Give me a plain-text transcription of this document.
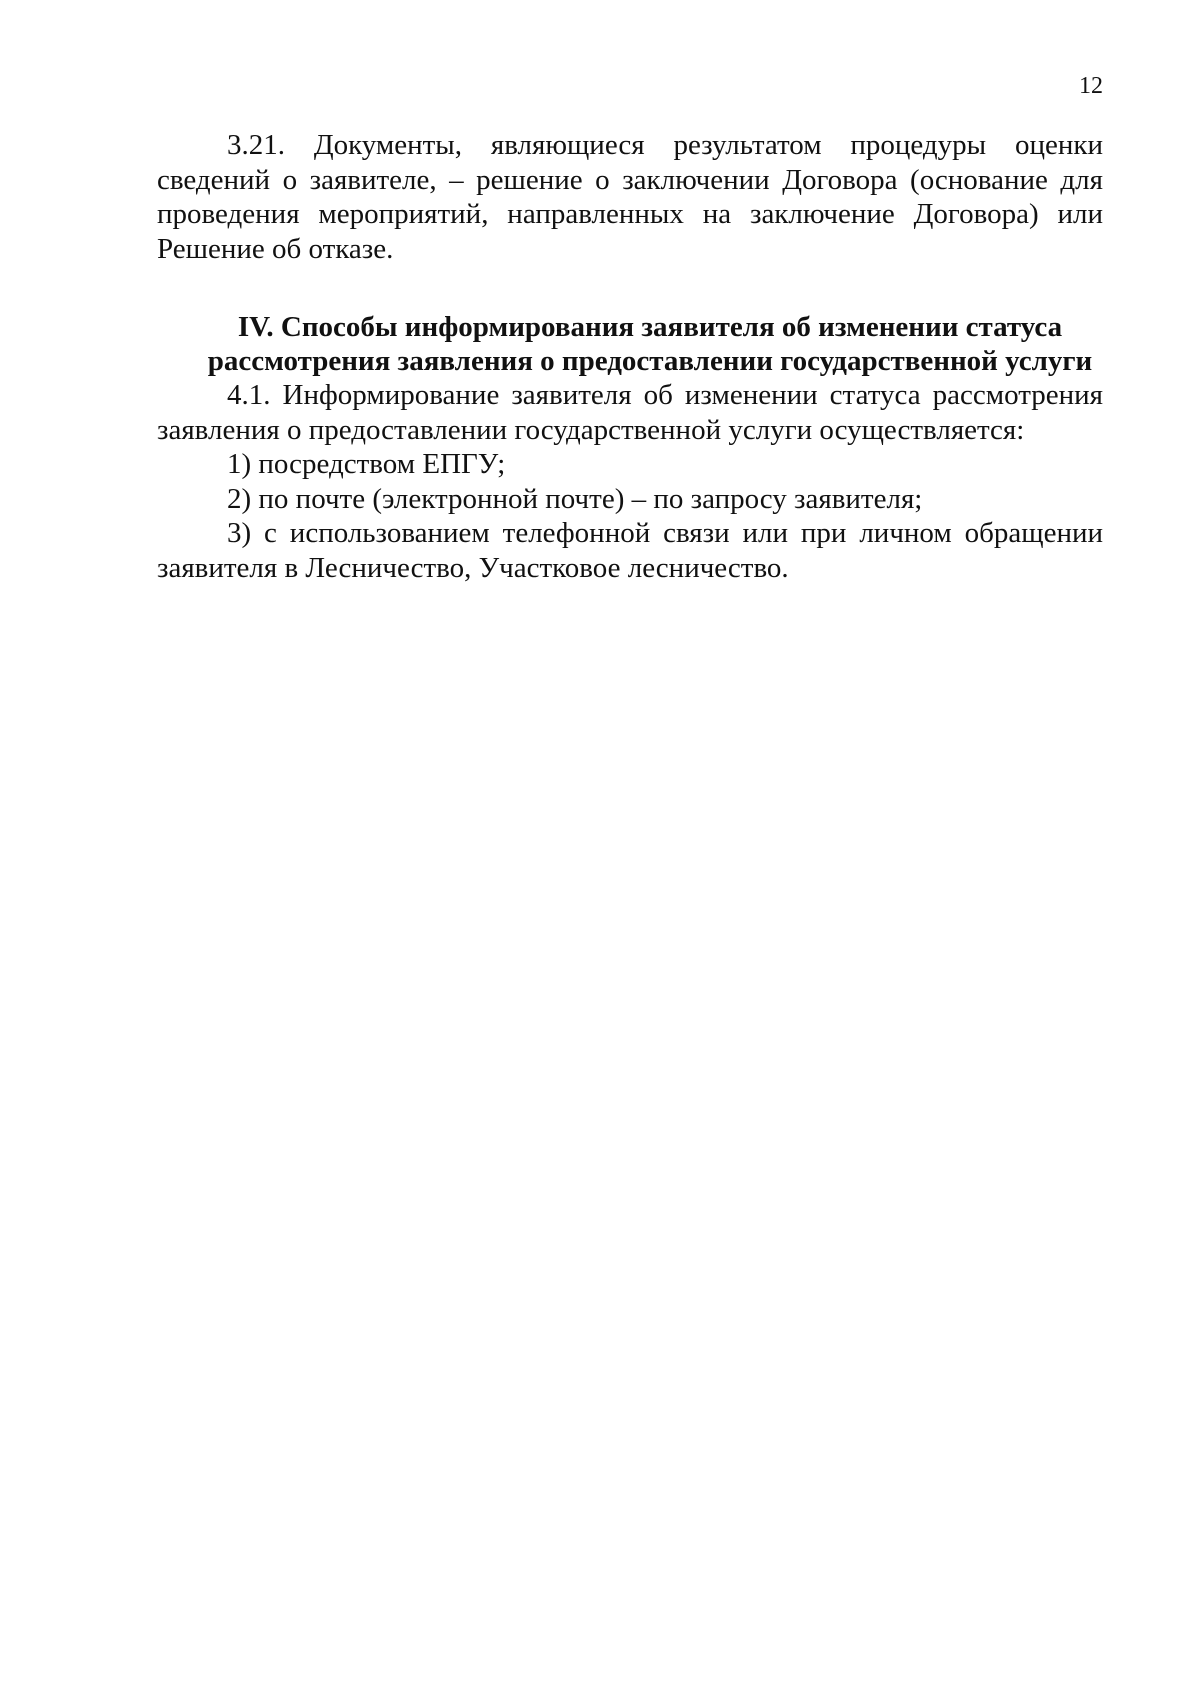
12

3.21. Документы, являющиеся результатом процедуры оценки сведений о заявителе, – решение о заключении Договора (основание для проведения мероприятий, направленных на заключение Договора) или Решение об отказе.

IV. Способы информирования заявителя об изменении статуса
рассмотрения заявления о предоставлении государственной услуги

4.1. Информирование заявителя об изменении статуса рассмотрения заявления о предоставлении государственной услуги осуществляется:

1) посредством ЕПГУ;

2) по почте (электронной почте) – по запросу заявителя;

3) с использованием телефонной связи или при личном обращении заявителя в Лесничество, Участковое лесничество.
